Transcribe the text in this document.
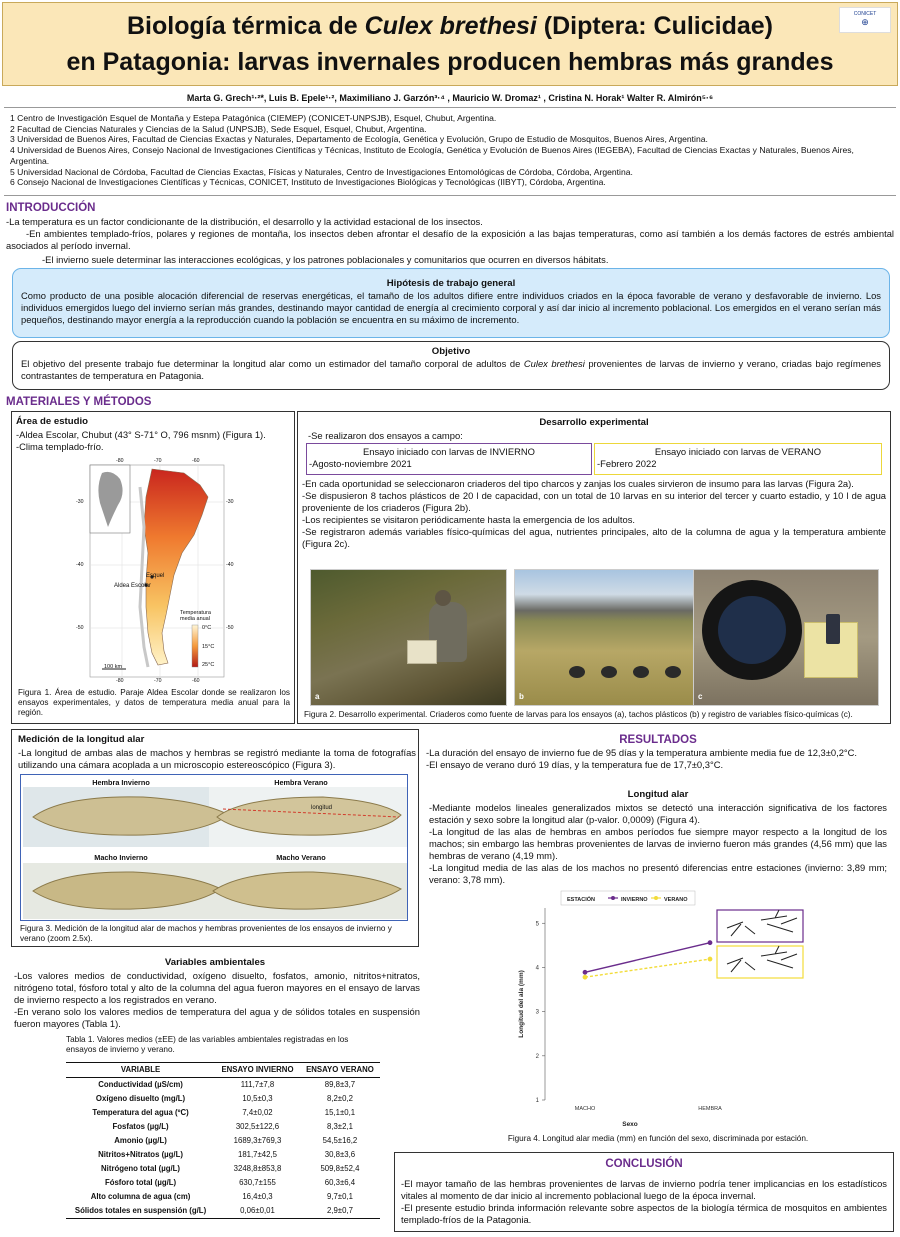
Biología térmica de Culex brethesi (Diptera: Culicidae)
en Patagonia: larvas invernales producen hembras más grandes
CONICET
⊕
Marta G. Grech¹·²*, Luis B. Epele¹·², Maximiliano J. Garzón³·⁴ , Mauricio W. Dromaz¹ , Cristina N. Horak¹ Walter R. Almirón⁵·⁶
1 Centro de Investigación Esquel de Montaña y Estepa Patagónica (CIEMEP) (CONICET-UNPSJB), Esquel, Chubut, Argentina.
2 Facultad de Ciencias Naturales y Ciencias de la Salud (UNPSJB), Sede Esquel, Esquel, Chubut, Argentina.
3 Universidad de Buenos Aires, Facultad de Ciencias Exactas y Naturales, Departamento de Ecología, Genética y Evolución, Grupo de Estudio de Mosquitos, Buenos Aires, Argentina.
4 Universidad de Buenos Aires, Consejo Nacional de Investigaciones Científicas y Técnicas, Instituto de Ecología, Genética y Evolución de Buenos Aires (IEGEBA), Facultad de Ciencias Exactas y Naturales, Buenos Aires, Argentina.
5 Universidad Nacional de Córdoba, Facultad de Ciencias Exactas, Físicas y Naturales, Centro de Investigaciones Entomológicas de Córdoba, Córdoba, Argentina.
6 Consejo Nacional de Investigaciones Científicas y Técnicas, CONICET, Instituto de Investigaciones Biológicas y Tecnológicas (IIBYT), Córdoba, Argentina.
INTRODUCCIÓN
-La temperatura es un factor condicionante de la distribución, el desarrollo y la actividad estacional de los insectos.
-En ambientes templado-fríos, polares y regiones de montaña, los insectos deben afrontar el desafío de la exposición a las bajas temperaturas, como así también a los demás factores de estrés ambiental asociados al período invernal.
-El invierno suele determinar las interacciones ecológicas, y los patrones poblacionales y comunitarios que ocurren en diversos hábitats.
Hipótesis de trabajo general
Como producto de una posible alocación diferencial de reservas energéticas, el tamaño de los adultos difiere entre individuos criados en la época favorable de verano y desfavorable de invierno. Los individuos emergidos luego del invierno serían más grandes, destinando mayor cantidad de energía al crecimiento corporal y así dar inicio al incremento poblacional. Los emergidos en el verano serían más pequeños, destinando mayor energía a la reproducción cuando la población se encuentra en su máximo de incremento.
Objetivo
El objetivo del presente trabajo fue determinar la longitud alar como un estimador del tamaño corporal de adultos de Culex brethesi provenientes de larvas de invierno y verano, criadas bajo regímenes contrastantes de temperatura en Patagonia.
MATERIALES Y MÉTODOS
Área de estudio
-Aldea Escolar, Chubut (43° S-71° O, 796 msnm) (Figura 1).
-Clima templado-frío.
Esquel
Aldea Escolar
100 km
Temperatura media anual
0°C
15°C
25°C
-80	-70	-60
-80	-70	-60
-30
-40
-50
-30
-40
-50
Figura 1. Área de estudio. Paraje Aldea Escolar donde se realizaron los ensayos experimentales, y datos de temperatura media anual para la región.
Desarrollo experimental
-Se realizaron dos ensayos a campo:
Ensayo iniciado con larvas de INVIERNO
-Agosto-noviembre 2021
Ensayo iniciado con larvas de VERANO
-Febrero 2022
-En cada oportunidad se seleccionaron criaderos del tipo charcos y zanjas los cuales sirvieron de insumo para las larvas (Figura 2a).
-Se dispusieron 8 tachos plásticos de 20 l de capacidad, con un total de 10 larvas en su interior del tercer y cuarto estadio, y 10 l de agua proveniente de los criaderos (Figura 2b).
-Los recipientes se visitaron periódicamente hasta la emergencia de los adultos.
-Se registraron además variables físico-químicas del agua, nutrientes principales, alto de la columna de agua y la temperatura ambiente (Figura 2c).
a	b	c
Figura 2. Desarrollo experimental. Criaderos como fuente de larvas para los ensayos (a), tachos plásticos (b) y registro de variables físico-químicas (c).
Medición de la longitud alar
-La longitud de ambas alas de machos y hembras se registró mediante la toma de fotografías utilizando una cámara acoplada a un microscopio estereoscópico (Figura 3).
Hembra Invierno	Hembra Verano
longitud
Macho Invierno	Macho Verano
Figura 3. Medición de la longitud alar de machos y hembras provenientes de los ensayos de invierno y verano (zoom 2.5x).
Variables ambientales
-Los valores medios de conductividad, oxígeno disuelto, fosfatos, amonio, nitritos+nitratos, nitrógeno total, fósforo total y alto de la columna del agua fueron mayores en el ensayo de larvas de invierno respecto a los registrados en verano.
-En verano solo los valores medios de temperatura del agua y de sólidos totales en suspensión fueron mayores (Tabla 1).
Tabla 1. Valores medios (±EE) de las variables ambientales registradas en los ensayos de invierno y verano.
VARIABLE	ENSAYO INVIERNO	ENSAYO VERANO
Conductividad (µS/cm)	111,7±7,8	89,8±3,7
Oxígeno disuelto (mg/L)	10,5±0,3	8,2±0,2
Temperatura del agua (ºC)	7,4±0,02	15,1±0,1
Fosfatos (µg/L)	302,5±122,6	8,3±2,1
Amonio (µg/L)	1689,3±769,3	54,5±16,2
Nitritos+Nitratos (µg/L)	181,7±42,5	30,8±3,6
Nitrógeno total (µg/L)	3248,8±853,8	509,8±52,4
Fósforo total (µg/L)	630,7±155	60,3±6,4
Alto columna de agua (cm)	16,4±0,3	9,7±0,1
Sólidos totales en suspensión (g/L)	0,06±0,01	2,9±0,7
RESULTADOS
-La duración del ensayo de invierno fue de 95 días y la temperatura ambiente media fue de 12,3±0,2°C.
-El ensayo de verano duró 19 días, y la temperatura fue de 17,7±0,3°C.
Longitud alar
-Mediante modelos lineales generalizados mixtos se detectó una interacción significativa de los factores estación y sexo sobre la longitud alar (p-valor. 0,0009) (Figura 4).
-La longitud de las alas de hembras en ambos períodos fue siempre mayor respecto a la longitud de los machos; sin embargo las hembras provenientes de larvas de invierno fueron más grandes (4,56 mm) que las hembras de verano (4,19 mm).
-La longitud media de las alas de los machos no presentó diferencias entre estaciones (invierno: 3,89 mm; verano: 3,78 mm).
ESTACIÓN	INVIERNO	VERANO
1
2
3
4
5
MACHO	HEMBRA
Longitud del ala (mm)
Sexo
Figura 4. Longitud alar media (mm) en función del sexo, discriminada por estación.
CONCLUSIÓN
-El mayor tamaño de las hembras provenientes de larvas de invierno podría tener implicancias en los estadísticos vitales al momento de dar inicio al incremento poblacional luego de la época invernal.
-El presente estudio brinda información relevante sobre aspectos de la biología térmica de mosquitos en ambientes templado-fríos de la Patagonia.
